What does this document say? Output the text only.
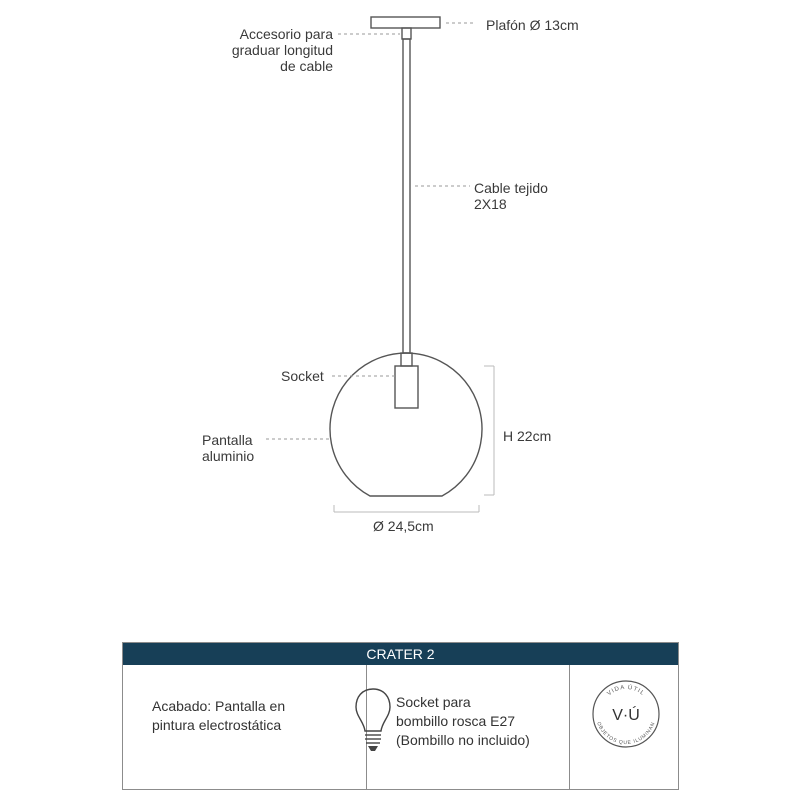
Plafón Ø 13cm
Accesorio para
graduar longitud
de cable
Cable tejido
2X18
Socket
Pantalla
aluminio
H 22cm
Ø 24,5cm
CRATER 2
Acabado: Pantalla en
pintura electrostática
Socket para
bombillo rosca E27
(Bombillo no incluido)
VIDA ÚTIL
OBJETOS QUE ILUMINAN
V·Ú
